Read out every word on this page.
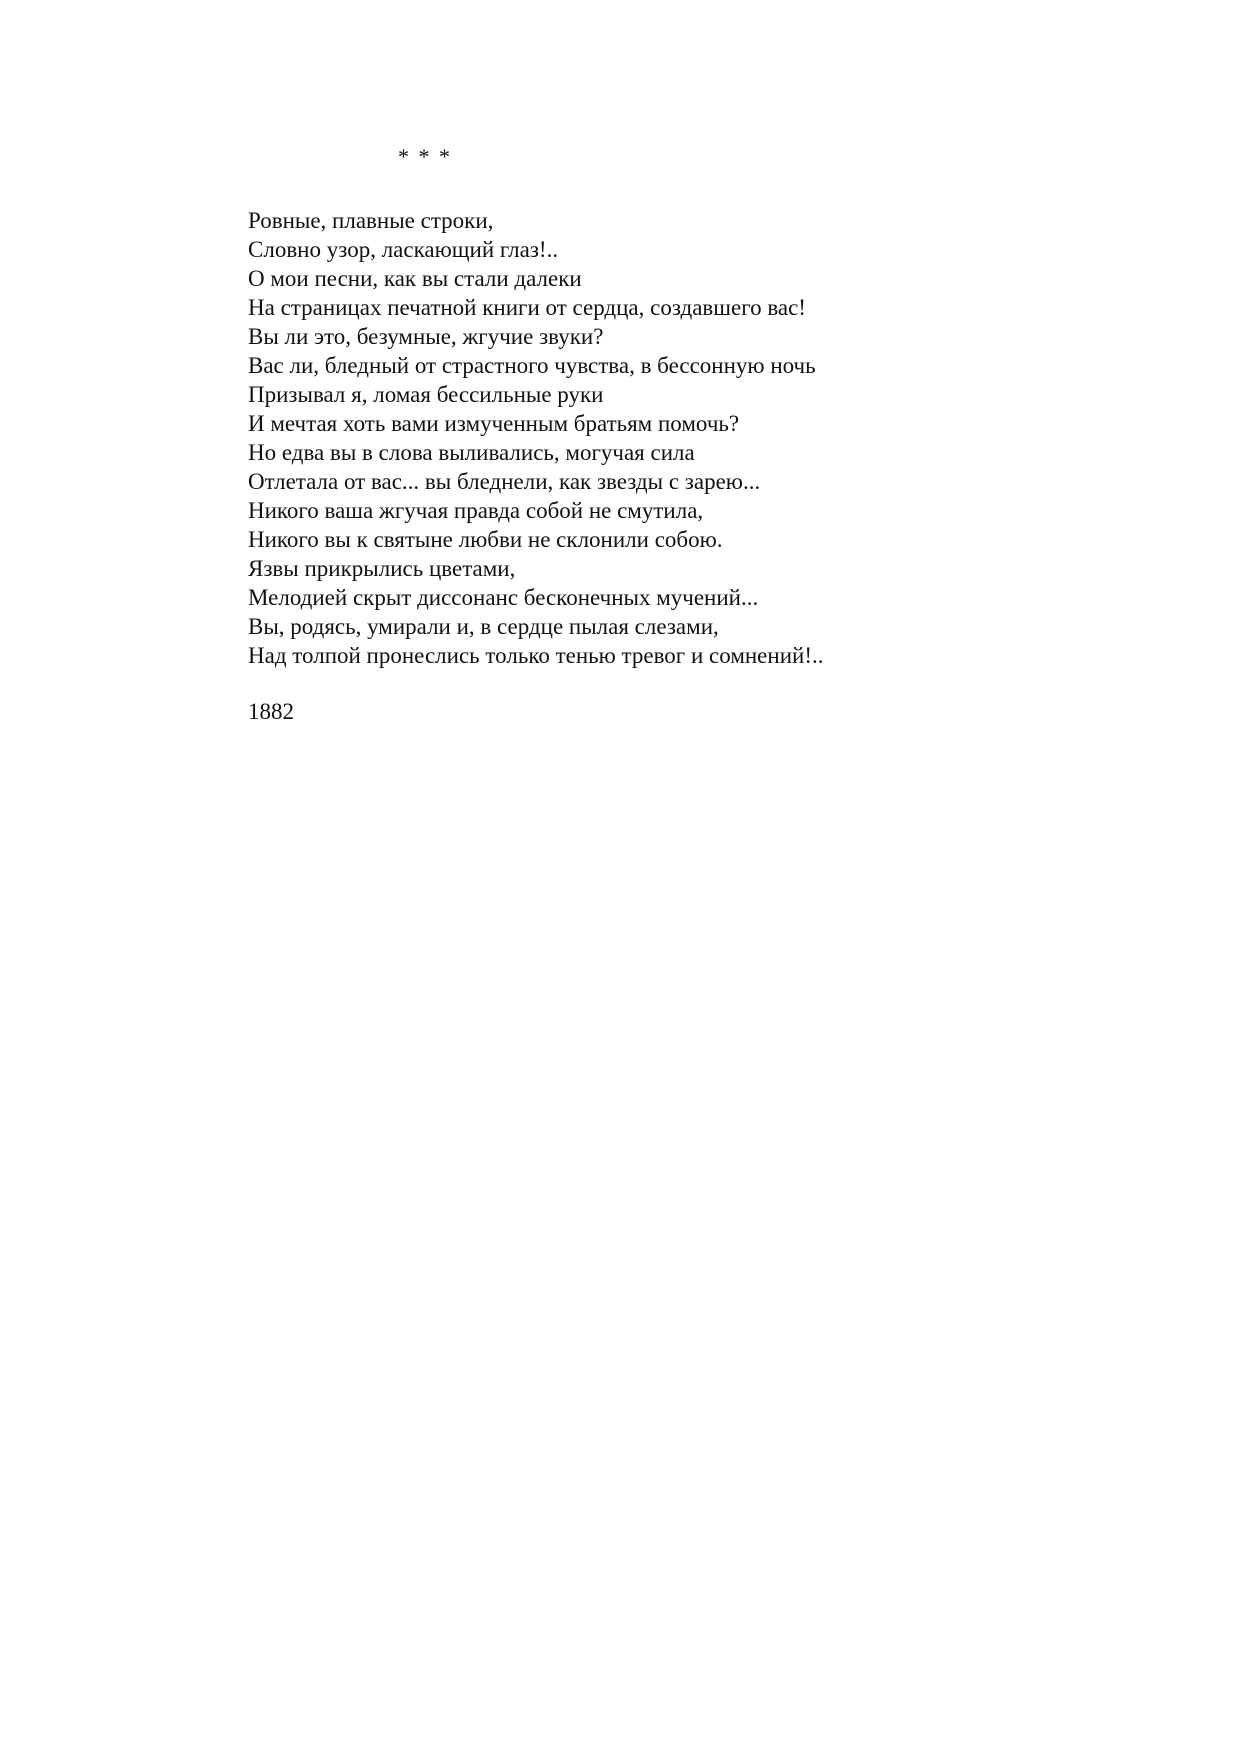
* * *
Ровные, плавные строки,
Словно узор, ласкающий глаз!..
О мои песни, как вы стали далеки
На страницах печатной книги от сердца, создавшего вас!
Вы ли это, безумные, жгучие звуки?
Вас ли, бледный от страстного чувства, в бессонную ночь
Призывал я, ломая бессильные руки
И мечтая хоть вами измученным братьям помочь?
Но едва вы в слова выливались, могучая сила
Отлетала от вас... вы бледнели, как звезды с зарею...
Никого ваша жгучая правда собой не смутила,
Никого вы к святыне любви не склонили собою.
Язвы прикрылись цветами,
Мелодией скрыт диссонанс бесконечных мучений...
Вы, родясь, умирали и, в сердце пылая слезами,
Над толпой пронеслись только тенью тревог и сомнений!..
1882
